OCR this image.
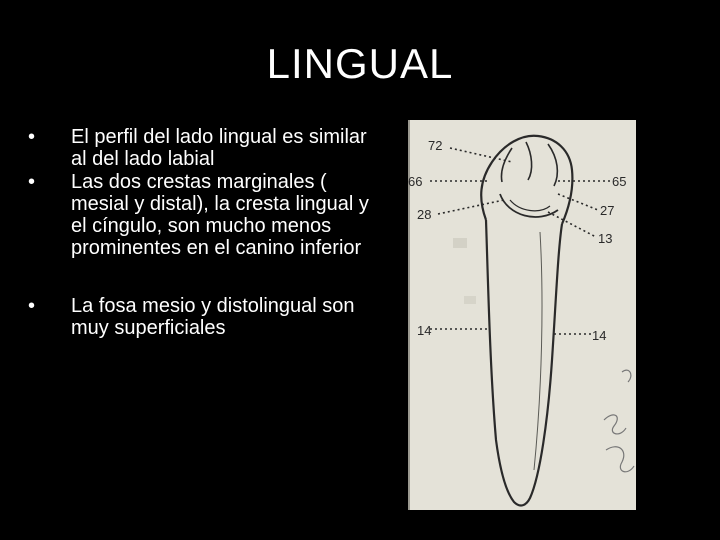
LINGUAL
• El perfil del lado lingual es similar al del lado labial
• Las dos crestas marginales ( mesial y distal), la cresta lingual y el cíngulo, son mucho menos prominentes en el canino inferior
• La fosa mesio y distolingual son muy superficiales
72
66	65
28	27
13
14	14
